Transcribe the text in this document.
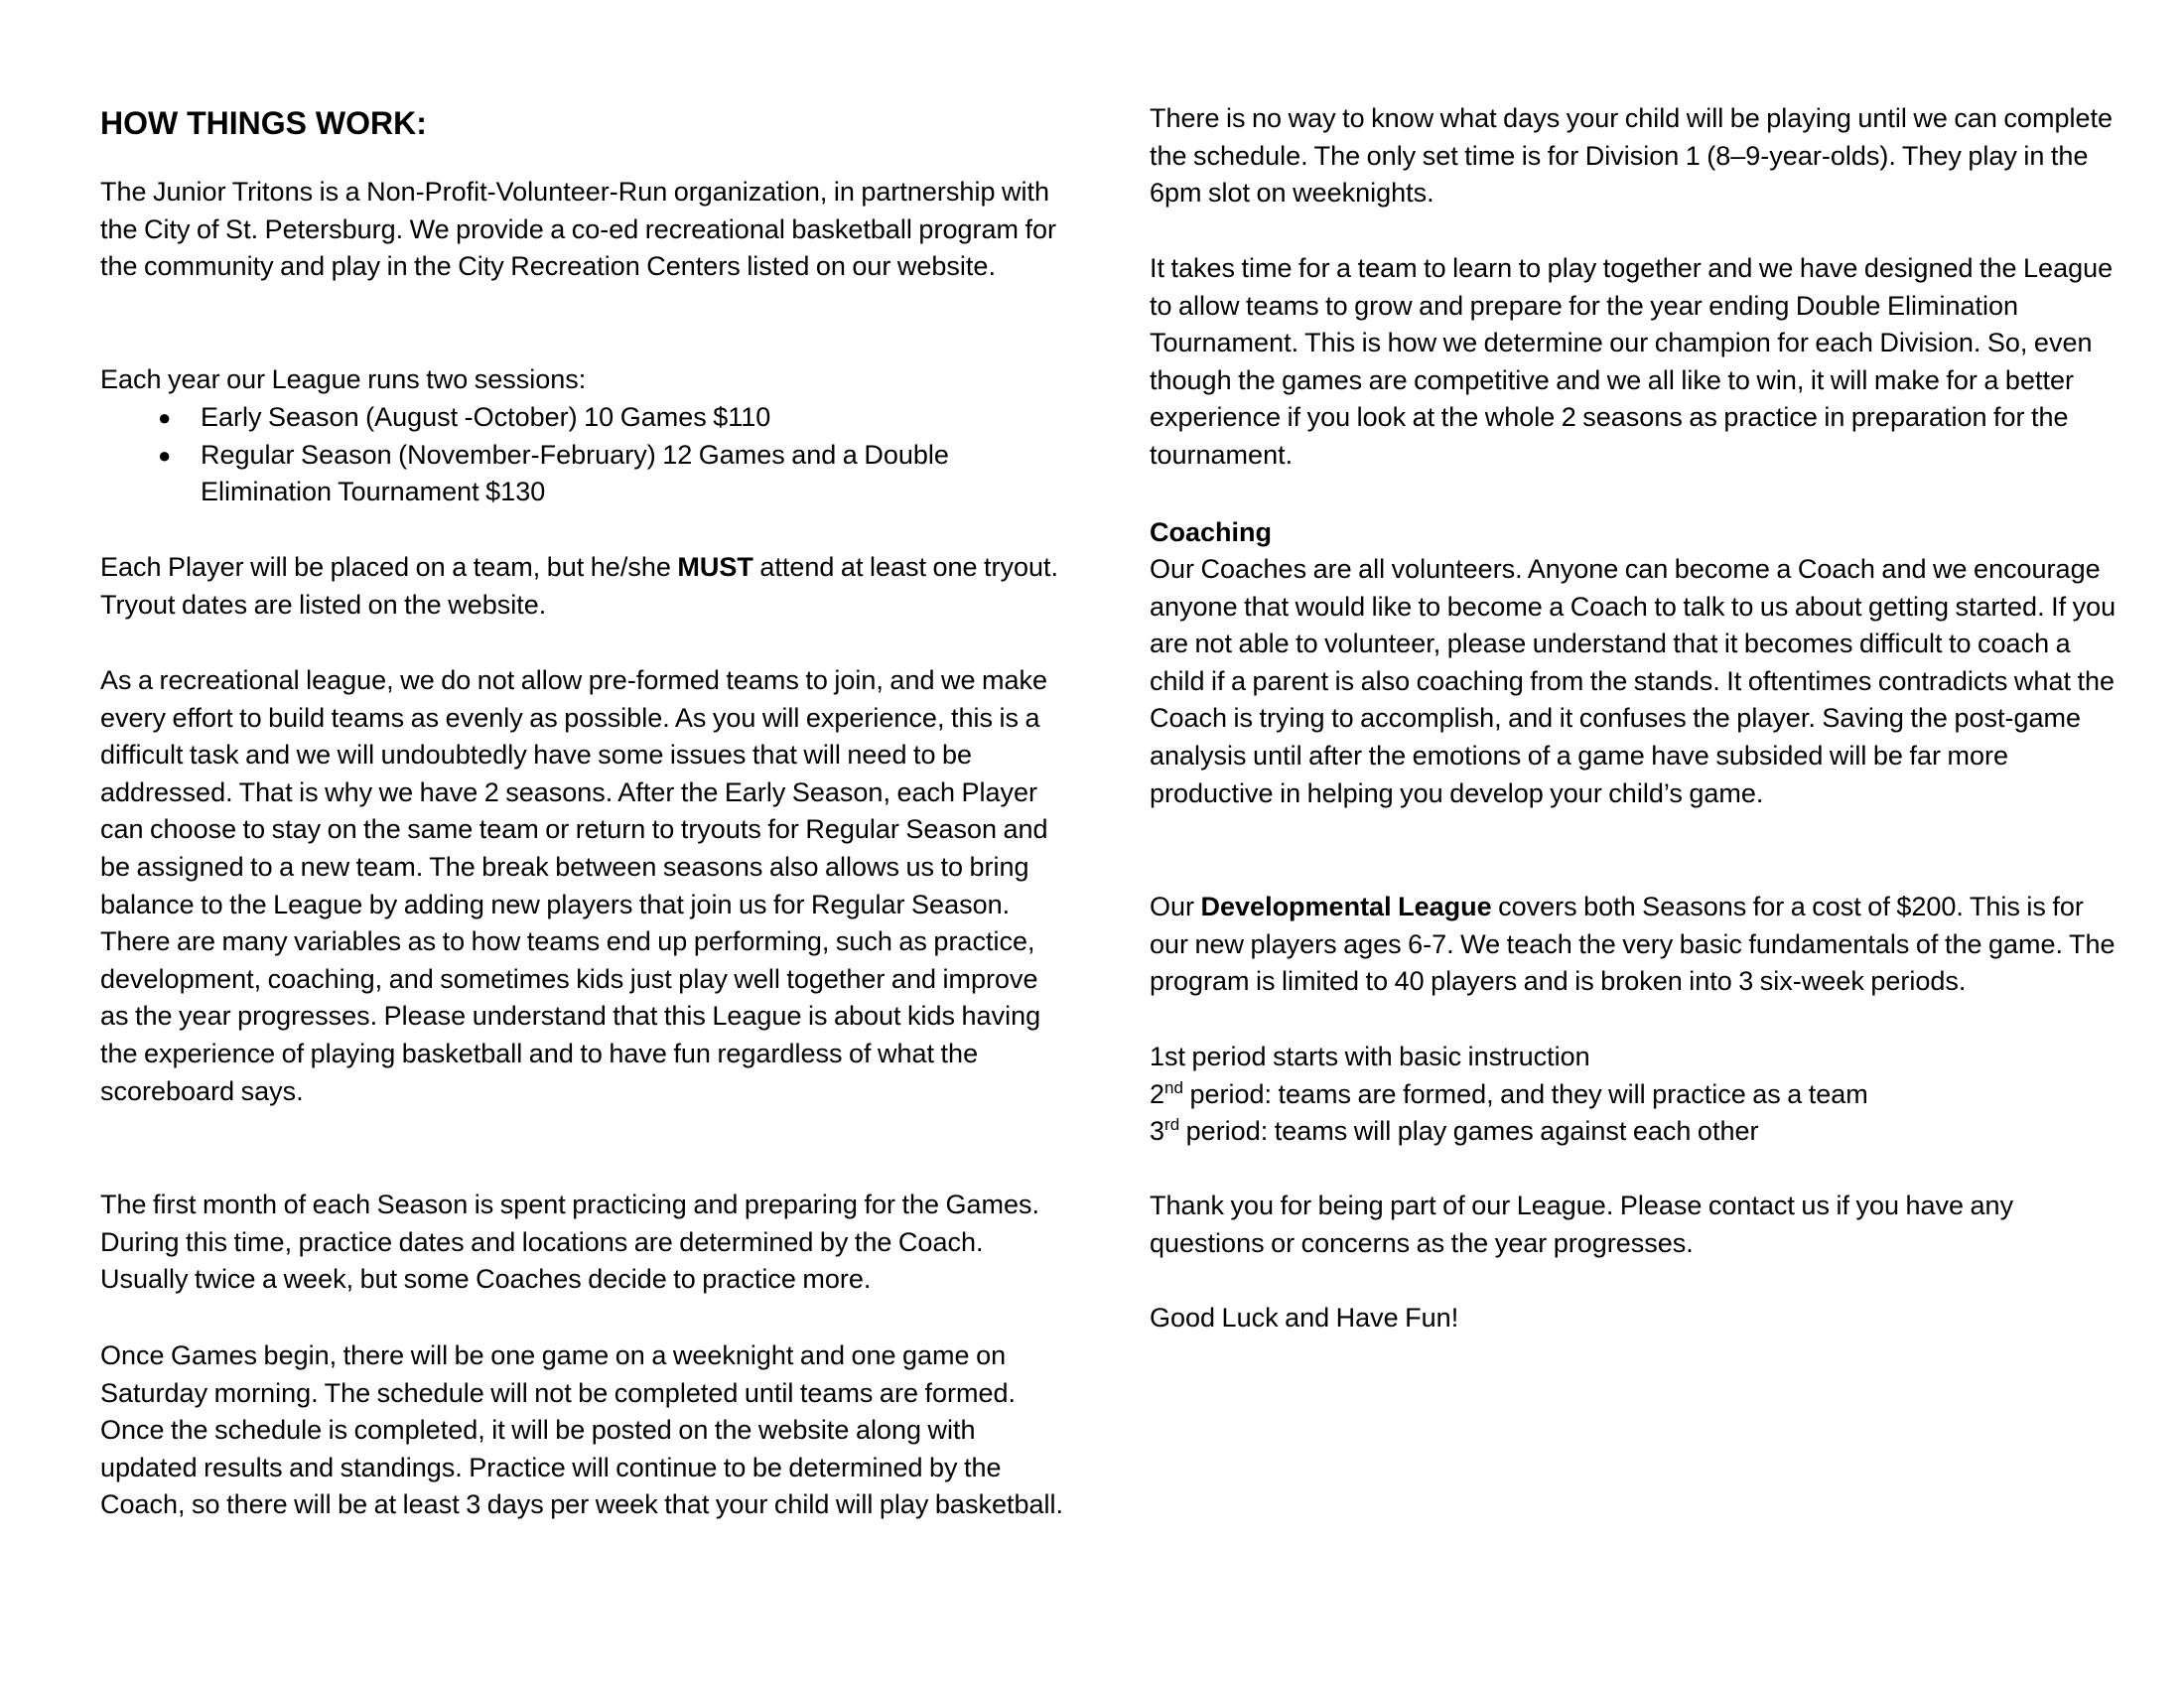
HOW THINGS WORK:

The Junior Tritons is a Non-Profit-Volunteer-Run organization, in partnership with the City of St. Petersburg. We provide a co-ed recreational basketball program for the community and play in the City Recreation Centers listed on our website.

Each year our League runs two sessions:

● Early Season (August -October) 10 Games $110
● Regular Season (November-February) 12 Games and a Double Elimination Tournament $130

Each Player will be placed on a team, but he/she MUST attend at least one tryout. Tryout dates are listed on the website.

As a recreational league, we do not allow pre-formed teams to join, and we make every effort to build teams as evenly as possible. As you will experience, this is a difficult task and we will undoubtedly have some issues that will need to be addressed. That is why we have 2 seasons. After the Early Season, each Player can choose to stay on the same team or return to tryouts for Regular Season and be assigned to a new team. The break between seasons also allows us to bring balance to the League by adding new players that join us for Regular Season. There are many variables as to how teams end up performing, such as practice, development, coaching, and sometimes kids just play well together and improve as the year progresses. Please understand that this League is about kids having the experience of playing basketball and to have fun regardless of what the scoreboard says.

The first month of each Season is spent practicing and preparing for the Games. During this time, practice dates and locations are determined by the Coach. Usually twice a week, but some Coaches decide to practice more.

Once Games begin, there will be one game on a weeknight and one game on Saturday morning. The schedule will not be completed until teams are formed. Once the schedule is completed, it will be posted on the website along with updated results and standings. Practice will continue to be determined by the Coach, so there will be at least 3 days per week that your child will play basketball.

There is no way to know what days your child will be playing until we can complete the schedule. The only set time is for Division 1 (8–9-year-olds). They play in the 6pm slot on weeknights.

It takes time for a team to learn to play together and we have designed the League to allow teams to grow and prepare for the year ending Double Elimination Tournament. This is how we determine our champion for each Division. So, even though the games are competitive and we all like to win, it will make for a better experience if you look at the whole 2 seasons as practice in preparation for the tournament.

Coaching

Our Coaches are all volunteers. Anyone can become a Coach and we encourage anyone that would like to become a Coach to talk to us about getting started. If you are not able to volunteer, please understand that it becomes difficult to coach a child if a parent is also coaching from the stands. It oftentimes contradicts what the Coach is trying to accomplish, and it confuses the player. Saving the post-game analysis until after the emotions of a game have subsided will be far more productive in helping you develop your child’s game.

Our Developmental League covers both Seasons for a cost of $200. This is for our new players ages 6-7. We teach the very basic fundamentals of the game. The program is limited to 40 players and is broken into 3 six-week periods.

1st period starts with basic instruction

2nd period: teams are formed, and they will practice as a team

3rd period: teams will play games against each other

Thank you for being part of our League. Please contact us if you have any questions or concerns as the year progresses.

Good Luck and Have Fun!
